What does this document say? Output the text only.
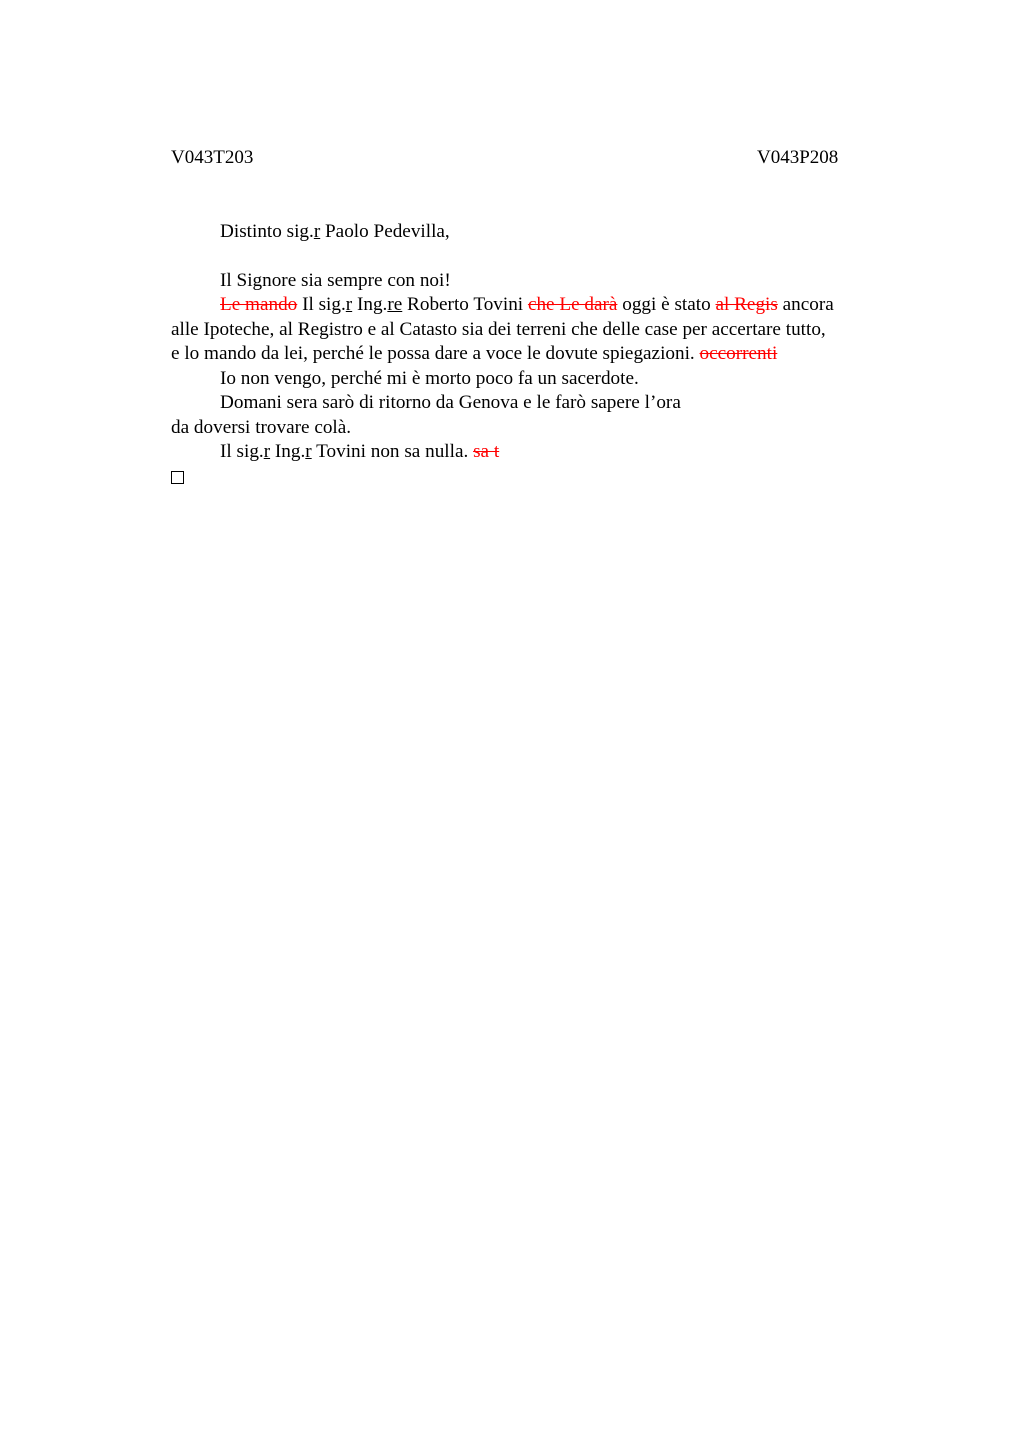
V043T203	V043P208

Distinto sig.r Paolo Pedevilla,

Il Signore sia sempre con noi!

Le mando Il sig.r Ing.re Roberto Tovini che Le darà oggi è stato al Regis ancora

alle Ipoteche, al Registro e al Catasto sia dei terreni che delle case per accertare tutto,

e lo mando da lei, perché le possa dare a voce le dovute spiegazioni. occorrenti

Io non vengo, perché mi è morto poco fa un sacerdote.

Domani sera sarò di ritorno da Genova e le farò sapere l’ora

da doversi trovare colà.

Il sig.r Ing.r Tovini non sa nulla. sa t
